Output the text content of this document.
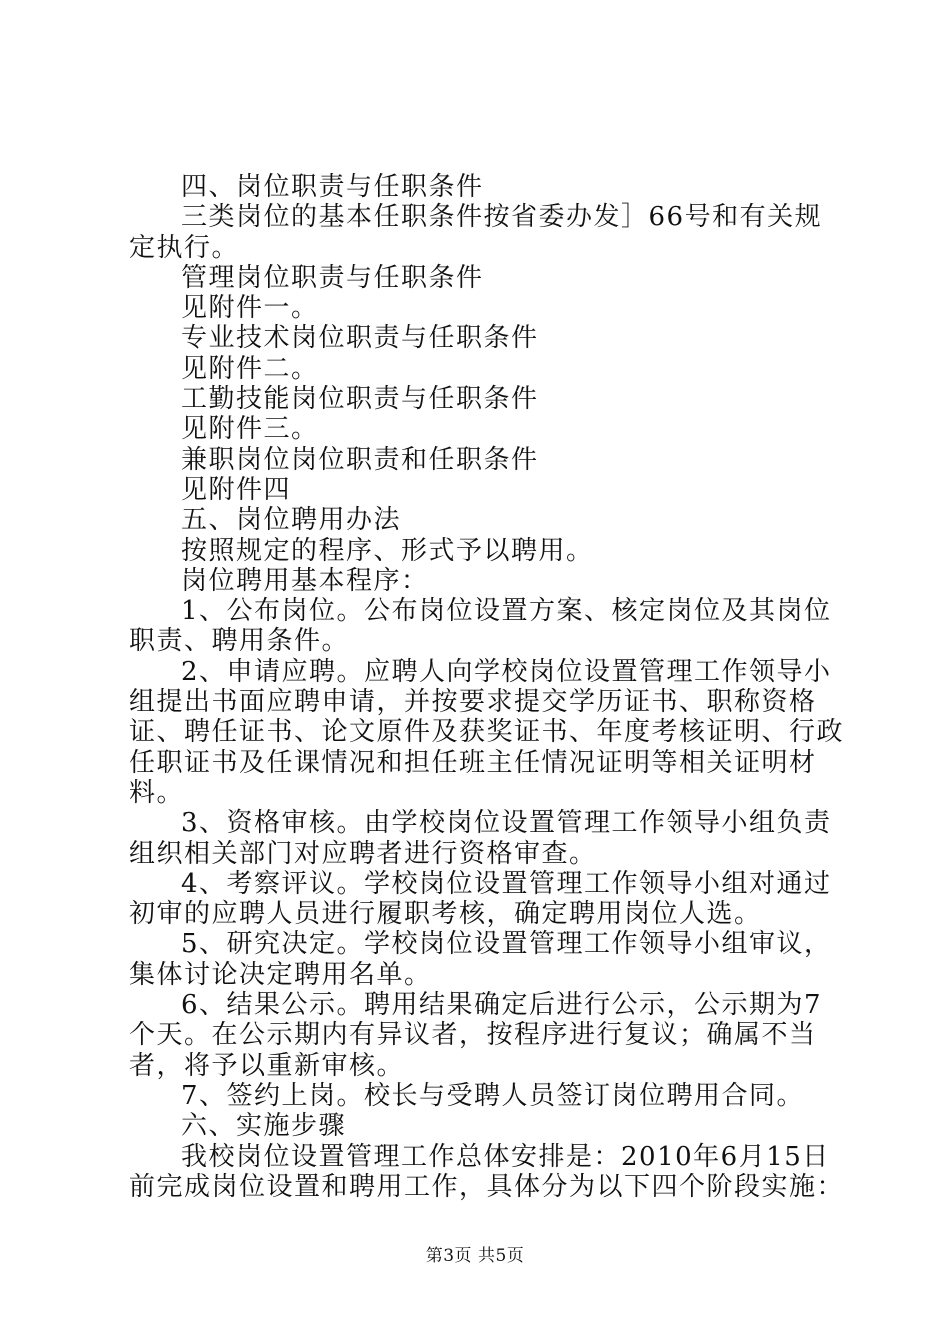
四、岗位职责与任职条件

三类岗位的基本任职条件按省委办发］66号和有关规定执行。

管理岗位职责与任职条件

见附件一。

专业技术岗位职责与任职条件

见附件二。

工勤技能岗位职责与任职条件

见附件三。

兼职岗位岗位职责和任职条件

见附件四

五、岗位聘用办法

按照规定的程序、形式予以聘用。

岗位聘用基本程序：

1、公布岗位。公布岗位设置方案、核定岗位及其岗位职责、聘用条件。

2、申请应聘。应聘人向学校岗位设置管理工作领导小组提出书面应聘申请，并按要求提交学历证书、职称资格证、聘任证书、论文原件及获奖证书、年度考核证明、行政任职证书及任课情况和担任班主任情况证明等相关证明材料。

3、资格审核。由学校岗位设置管理工作领导小组负责组织相关部门对应聘者进行资格审查。

4、考察评议。学校岗位设置管理工作领导小组对通过初审的应聘人员进行履职考核，确定聘用岗位人选。

5、研究决定。学校岗位设置管理工作领导小组审议，集体讨论决定聘用名单。

6、结果公示。聘用结果确定后进行公示，公示期为7个天。在公示期内有异议者，按程序进行复议；确属不当者，将予以重新审核。

7、签约上岗。校长与受聘人员签订岗位聘用合同。

六、实施步骤

我校岗位设置管理工作总体安排是：2010年6月15日前完成岗位设置和聘用工作，具体分为以下四个阶段实施：

第3页 共5页
